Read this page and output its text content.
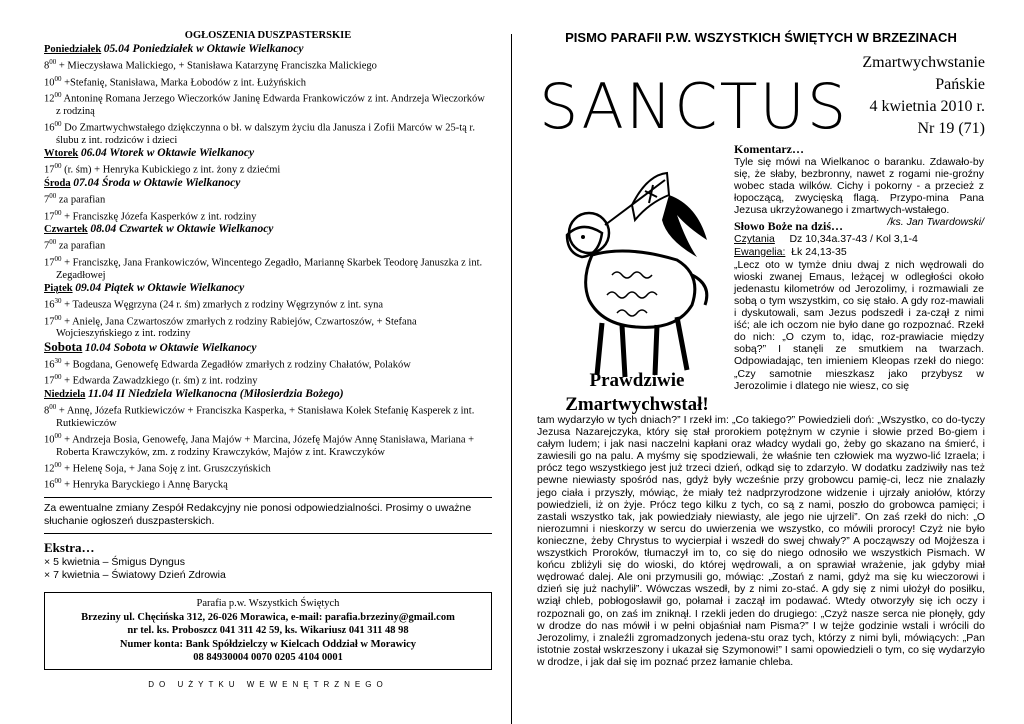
OGŁOSZENIA DUSZPASTERSKIE
Poniedziałek 05.04 Poniedziałek w Oktawie Wielkanocy
$8^{00}$ + Mieczysława Malickiego, + Stanisława Katarzynę Franciszka Malickiego
$10^{00}$ +Stefanię, Stanisława, Marka Łobodów z int. Łużyńskich
$12^{00}$ Antoninę Romana Jerzego Wieczorków Janinę Edwarda Frankowiczów z int. Andrzeja Wieczorków z rodziną
$16^{00}$ Do Zmartwychwstałego dziękczynna o bł. w dalszym życiu dla Janusza i Zofii Marców w 25-tą r. ślubu z int. rodziców i dzieci
Wtorek 06.04 Wtorek w Oktawie Wielkanocy
$17^{00}$ (r. śm) + Henryka Kubickiego z int. żony z dziećmi
Środa 07.04 Środa w Oktawie Wielkanocy
$7^{00}$ za parafian
$17^{00}$ + Franciszkę Józefa Kasperków z int. rodziny
Czwartek 08.04 Czwartek w Oktawie Wielkanocy
$7^{00}$ za parafian
$17^{00}$ + Franciszkę, Jana Frankowiczów, Wincentego Zegadło, Mariannę Skarbek Teodorę Januszka z int. Zegadłowej
Piątek 09.04 Piątek w Oktawie Wielkanocy
$16^{30}$ + Tadeusza Węgrzyna (24 r. śm) zmarłych z rodziny Węgrzynów z int. syna
$17^{00}$ + Anielę, Jana Czwartoszów zmarłych z rodziny Rabiejów, Czwartoszów, + Stefana Wojcieszyńskiego z int. rodziny
Sobota 10.04 Sobota w Oktawie Wielkanocy
$16^{30}$ + Bogdana, Genowefę Edwarda Zegadłów zmarłych z rodziny Chałatów, Polaków
$17^{00}$ + Edwarda Zawadzkiego (r. śm) z int. rodziny
Niedziela 11.04 II Niedziela Wielkanocna (Miłosierdzia Bożego)
$8^{00}$ + Annę, Józefa Rutkiewiczów + Franciszka Kasperka, + Stanisława Kołek Stefanię Kasperek z int. Rutkiewiczów
$10^{00}$ + Andrzeja Bosia, Genowefę, Jana Majów + Marcina, Józefę Majów Annę Stanisława, Mariana + Roberta Krawczyków, zm. z rodziny Krawczyków, Majów z int. Krawczyków
$12^{00}$ + Helenę Soja, + Jana Soję z int. Gruszczyńskich
$16^{00}$ + Henryka Baryckiego i Annę Barycką
Za ewentualne zmiany Zespół Redakcyjny nie ponosi odpowiedzialności. Prosimy o uważne słuchanie ogłoszeń duszpasterskich.
Ekstra…
× 5 kwietnia – Śmigus Dyngus
× 7 kwietnia – Światowy Dzień Zdrowia
Parafia p.w. Wszystkich Świętych
Brzeziny ul. Chęcińska 312, 26-026 Morawica, e-mail: parafia.brzeziny@gmail.com
nr tel. ks. Proboszcz 041 311 42 59, ks. Wikariusz 041 311 48 98
Numer konta: Bank Spółdzielczy w Kielcach Oddział w Morawicy
08 84930004 0070 0205 4104 0001
DO UŻYTKU WEWENĘTRZNEGO
PISMO PARAFII P.W. WSZYSTKICH ŚWIĘTYCH W BRZEZINACH
SANCTUS
Zmartwychwstanie
Pańskie
4 kwietnia 2010 r.
Nr 19 (71)
Prawdziwie
Zmartwychwstał!
Komentarz…
Tyle się mówi na Wielkanoc o baranku. Zdawało-by się, że słaby, bezbronny, nawet z rogami nie-groźny wobec stada wilków. Cichy i pokorny - a przecież z łopoczącą, zwycięską flagą. Przypo-mina Pana Jezusa ukrzyżowanego i zmartwych-wstałego.
/ks. Jan Twardowski/
Słowo Boże na dziś…
Czytania Dz 10,34a.37-43 / Kol 3,1-4
Ewangelia: Łk 24,13-35
„Lecz oto w tymże dniu dwaj z nich wędrowali do wioski zwanej Emaus, leżącej w odległości około jedenastu kilometrów od Jerozolimy, i rozmawiali ze sobą o tym wszystkim, co się stało. A gdy roz-mawiali i dyskutowali, sam Jezus podszedł i za-czął z nimi iść; ale ich oczom nie było dane go rozpoznać. Rzekł do nich: „O czym to, idąc, roz-prawiacie między sobą?” I stanęli ze smutkiem na twarzach. Odpowiadając, ten imieniem Kleopas rzekł do niego: „Czy samotnie mieszkasz jako przybysz w Jerozolimie i dlatego nie wiesz, co się
tam wydarzyło w tych dniach?” I rzekł im: „Co takiego?” Powiedzieli doń: „Wszystko, co do-tyczy Jezusa Nazarejczyka, który się stał prorokiem potężnym w czynie i słowie przed Bo-giem i całym ludem; i jak nasi naczelni kapłani oraz władcy wydali go, żeby go skazano na śmierć, i zawiesili go na palu. A myśmy się spodziewali, że właśnie ten człowiek ma wyzwo-lić Izraela; i prócz tego wszystkiego jest już trzeci dzień, odkąd się to zdarzyło. W dodatku zadziwiły nas też pewne niewiasty spośród nas, gdyż były wcześnie przy grobowcu pamię-ci, lecz nie znalazły jego ciała i przyszły, mówiąc, że miały też nadprzyrodzone widzenie i ujrzały aniołów, którzy powiedzieli, iż on żyje. Prócz tego kilku z tych, co są z nami, poszło do grobowca pamięci; i zastali wszystko tak, jak powiedziały niewiasty, ale jego nie ujrzeli”. On zaś rzekł do nich: „O nierozumni i nieskorzy w sercu do uwierzenia we wszystko, co mówili prorocy! Czyż nie było konieczne, żeby Chrystus to wycierpiał i wszedł do swej chwały?” A począwszy od Mojżesza i wszystkich Proroków, tłumaczył im to, co się do niego odnosiło we wszystkich Pismach. W końcu zbliżyli się do wioski, do której wędrowali, a on sprawiał wrażenie, jak gdyby miał wędrować dalej. Ale oni przymusili go, mówiąc: „Zostań z nami, gdyż ma się ku wieczorowi i dzień się już nachylił”. Wówczas wszedł, by z nimi zo-stać. A gdy się z nimi ułożył do posiłku, wziął chleb, pobłogosławił go, połamał i zaczął im podawać. Wtedy otworzyły się ich oczy i rozpoznali go, on zaś im zniknął. I rzekli jeden do drugiego: „Czyż nasze serca nie płonęły, gdy w drodze do nas mówił i w pełni objaśniał nam Pisma?” I w tejże godzinie wstali i wrócili do Jerozolimy, i znaleźli zgromadzonych jedena-stu oraz tych, którzy z nimi byli, mówiących: „Pan istotnie został wskrzeszony i ukazał się Szymonowi!” I sami opowiedzieli o tym, co się wydarzyło w drodze, i jak dał się im poznać przez łamanie chleba.
